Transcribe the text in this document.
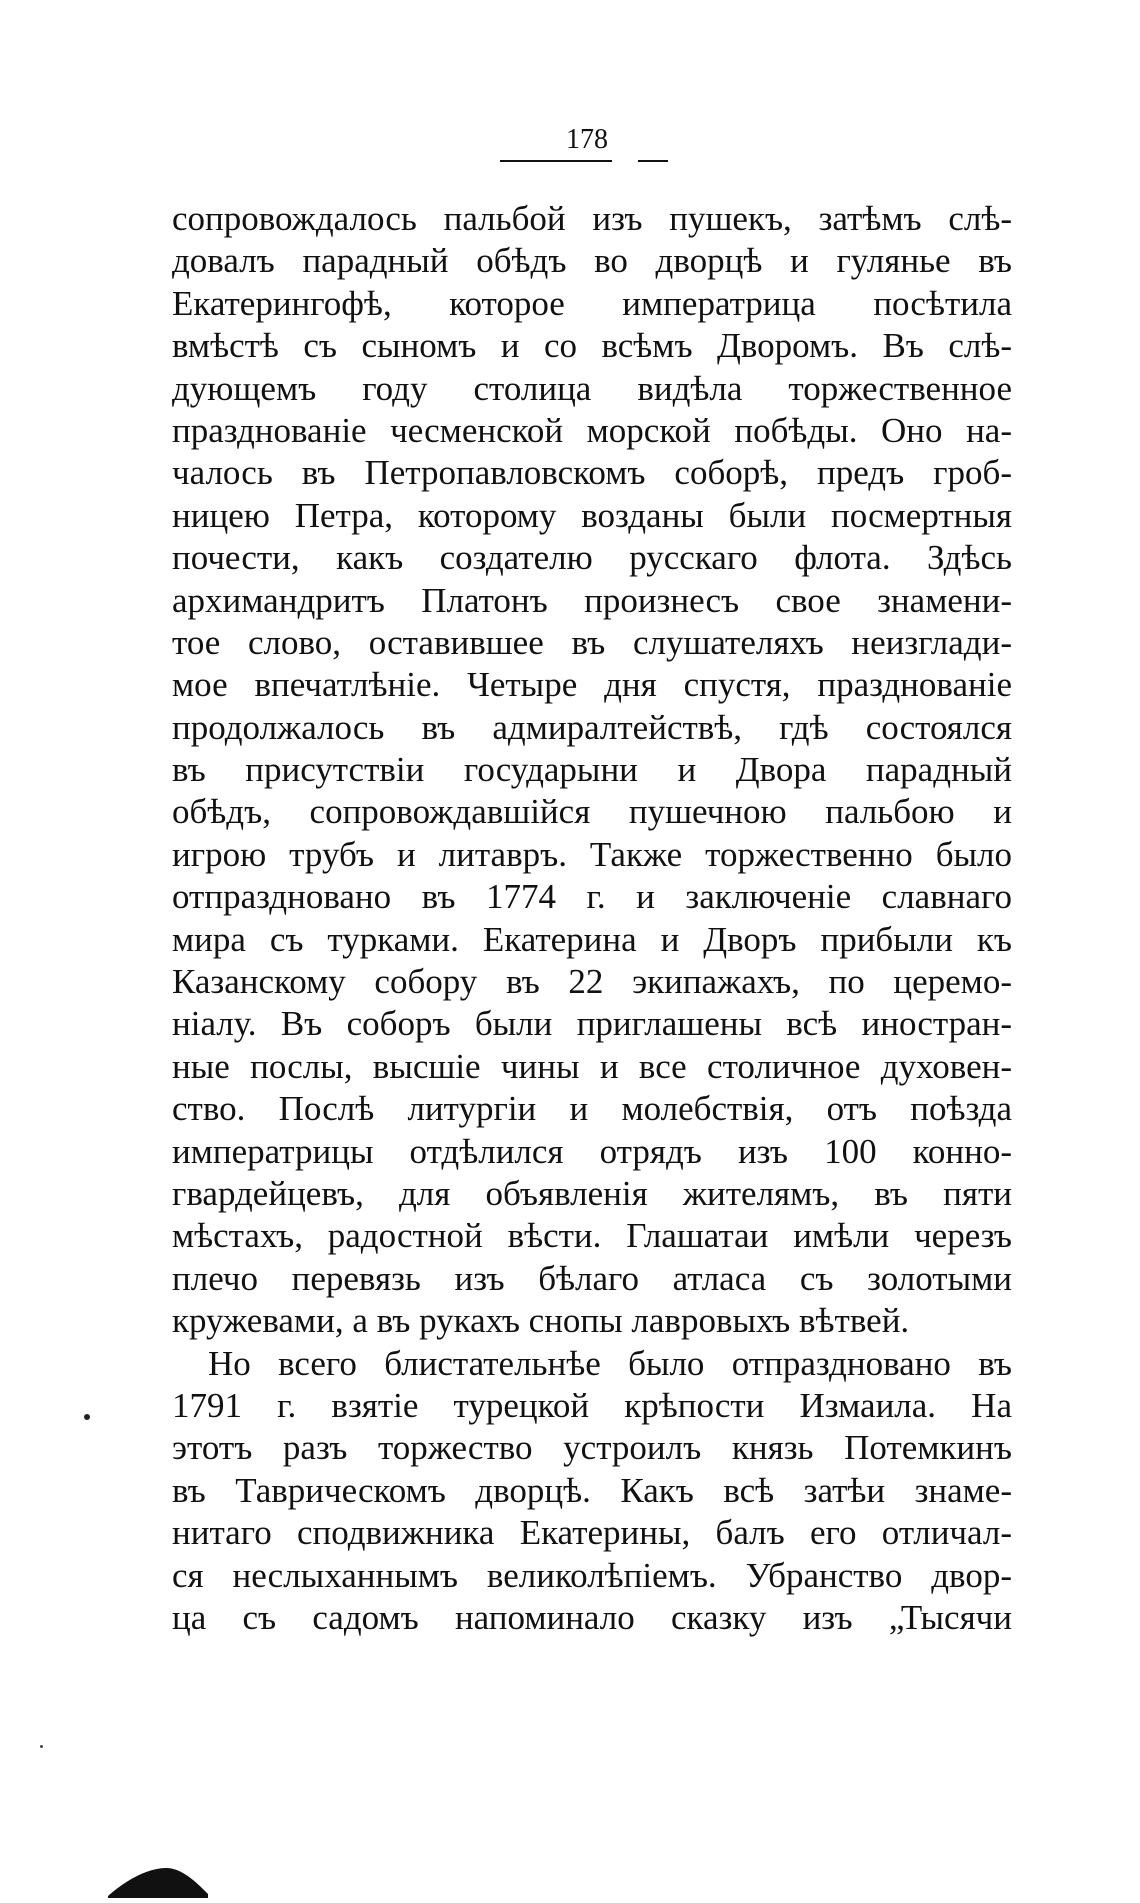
178
сопровождалось пальбой изъ пушекъ, затѣмъ слѣ-
довалъ парадный обѣдъ во дворцѣ и гулянье въ
Екатерингофѣ, которое императрица посѣтила
вмѣстѣ съ сыномъ и со всѣмъ Дворомъ. Въ слѣ-
дующемъ году столица видѣла торжественное
празднованіе чесменской морской побѣды. Оно на-
чалось въ Петропавловскомъ соборѣ, предъ гроб-
ницею Петра, которому возданы были посмертныя
почести, какъ создателю русскаго флота. Здѣсь
архимандритъ Платонъ произнесъ свое знамени-
тое слово, оставившее въ слушателяхъ неизглади-
мое впечатлѣніе. Четыре дня спустя, празднованіе
продолжалось въ адмиралтействѣ, гдѣ состоялся
въ присутствіи государыни и Двора парадный
обѣдъ, сопровождавшійся пушечною пальбою и
игрою трубъ и литавръ. Также торжественно было
отпраздновано въ 1774 г. и заключеніе славнаго
мира съ турками. Екатерина и Дворъ прибыли къ
Казанскому собору въ 22 экипажахъ, по церемо-
ніалу. Въ соборъ были приглашены всѣ иностран-
ные послы, высшіе чины и все столичное духовен-
ство. Послѣ литургіи и молебствія, отъ поѣзда
императрицы отдѣлился отрядъ изъ 100 конно-
гвардейцевъ, для объявленія жителямъ, въ пяти
мѣстахъ, радостной вѣсти. Глашатаи имѣли черезъ
плечо перевязь изъ бѣлаго атласа съ золотыми
кружевами, а въ рукахъ снопы лавровыхъ вѣтвей.
Но всего блистательнѣе было отпраздновано въ
1791 г. взятіе турецкой крѣпости Измаила. На
этотъ разъ торжество устроилъ князь Потемкинъ
въ Таврическомъ дворцѣ. Какъ всѣ затѣи знаме-
нитаго сподвижника Екатерины, балъ его отличал-
ся неслыханнымъ великолѣпіемъ. Убранство двор-
ца съ садомъ напоминало сказку изъ „Тысячи
